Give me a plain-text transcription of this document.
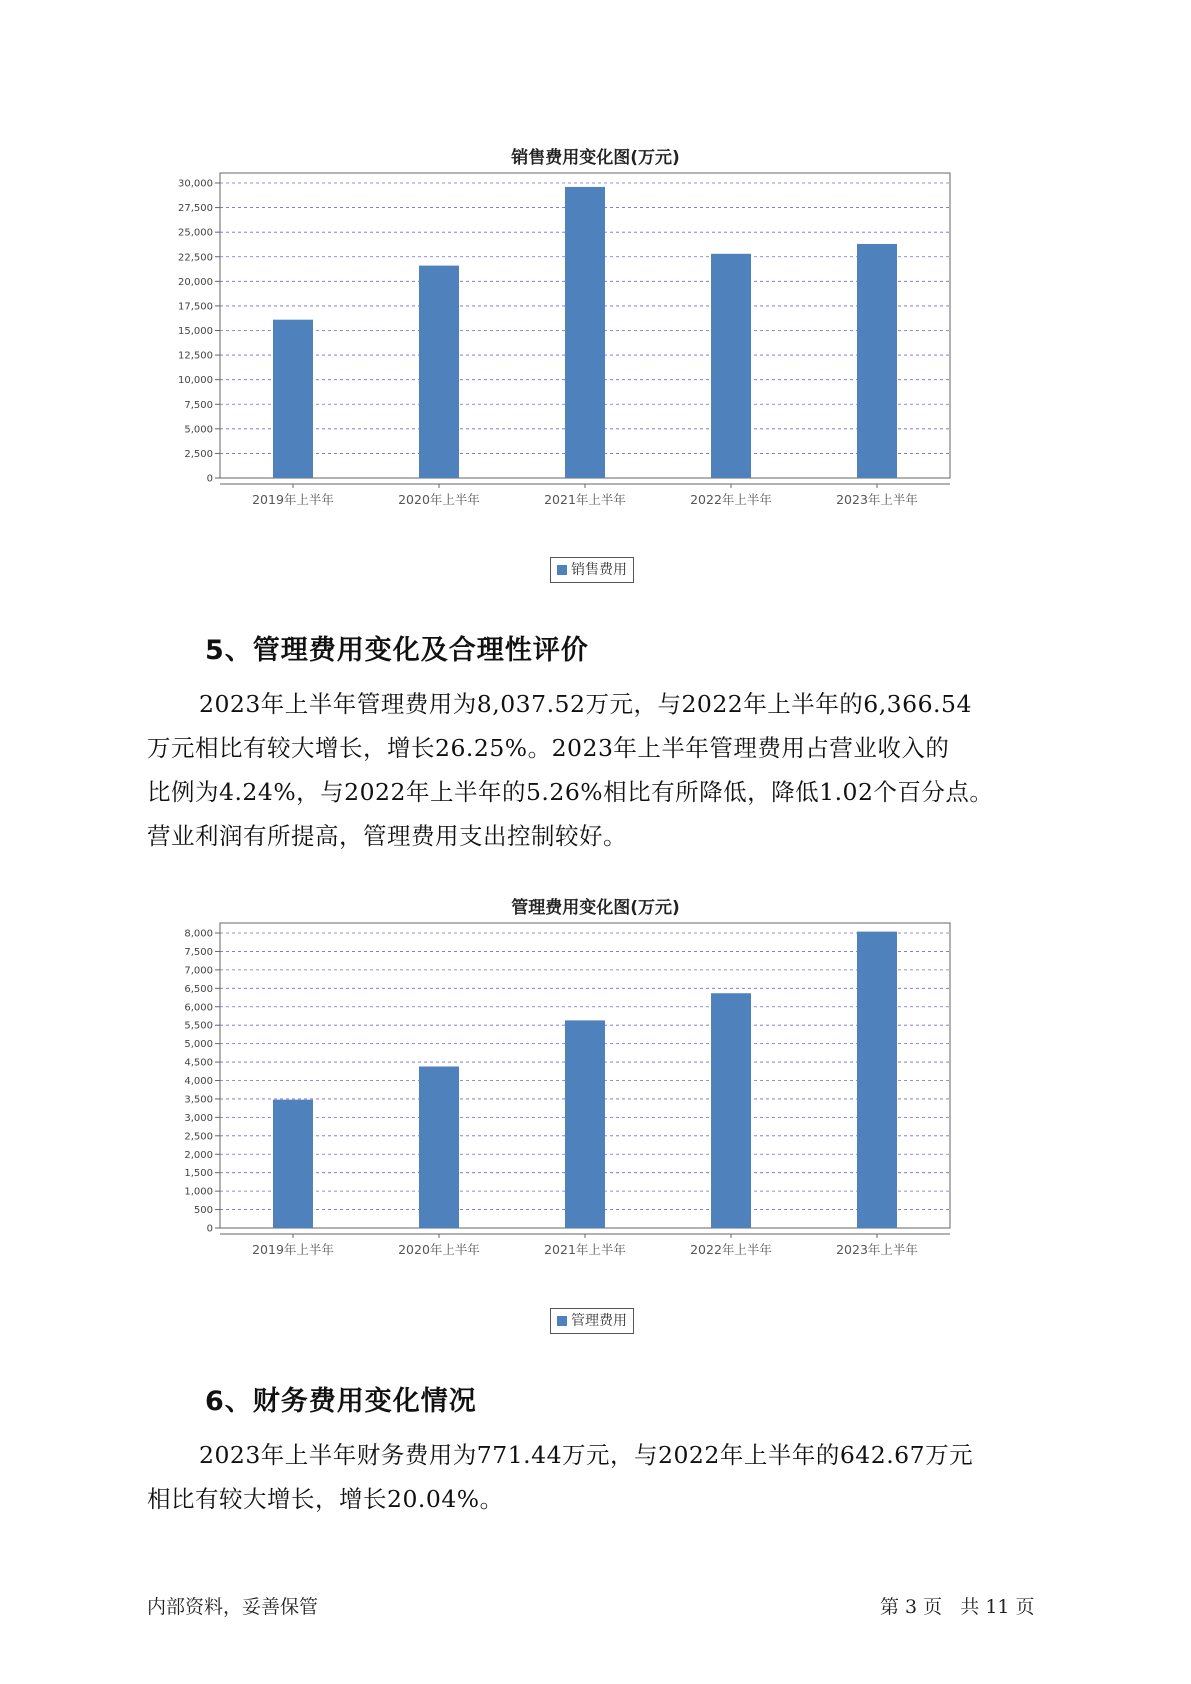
销售费用变化图(万元)
0
2,500
5,000
7,500
10,000
12,500
15,000
17,500
20,000
22,500
25,000
27,500
30,000
2019年上半年	2020年上半年	2021年上半年	2022年上半年	2023年上半年
销售费用
5、管理费用变化及合理性评价
2023年上半年管理费用为8,037.52万元，与2022年上半年的6,366.54
万元相比有较大增长，增长26.25%。2023年上半年管理费用占营业收入的
比例为4.24%，与2022年上半年的5.26%相比有所降低，降低1.02个百分点。
营业利润有所提高，管理费用支出控制较好。
管理费用变化图(万元)
0
500
1,000
1,500
2,000
2,500
3,000
3,500
4,000
4,500
5,000
5,500
6,000
6,500
7,000
7,500
8,000
2019年上半年	2020年上半年	2021年上半年	2022年上半年	2023年上半年
管理费用
6、财务费用变化情况
2023年上半年财务费用为771.44万元，与2022年上半年的642.67万元
相比有较大增长，增长20.04%。
内部资料，妥善保管	第 3 页   共 11 页
